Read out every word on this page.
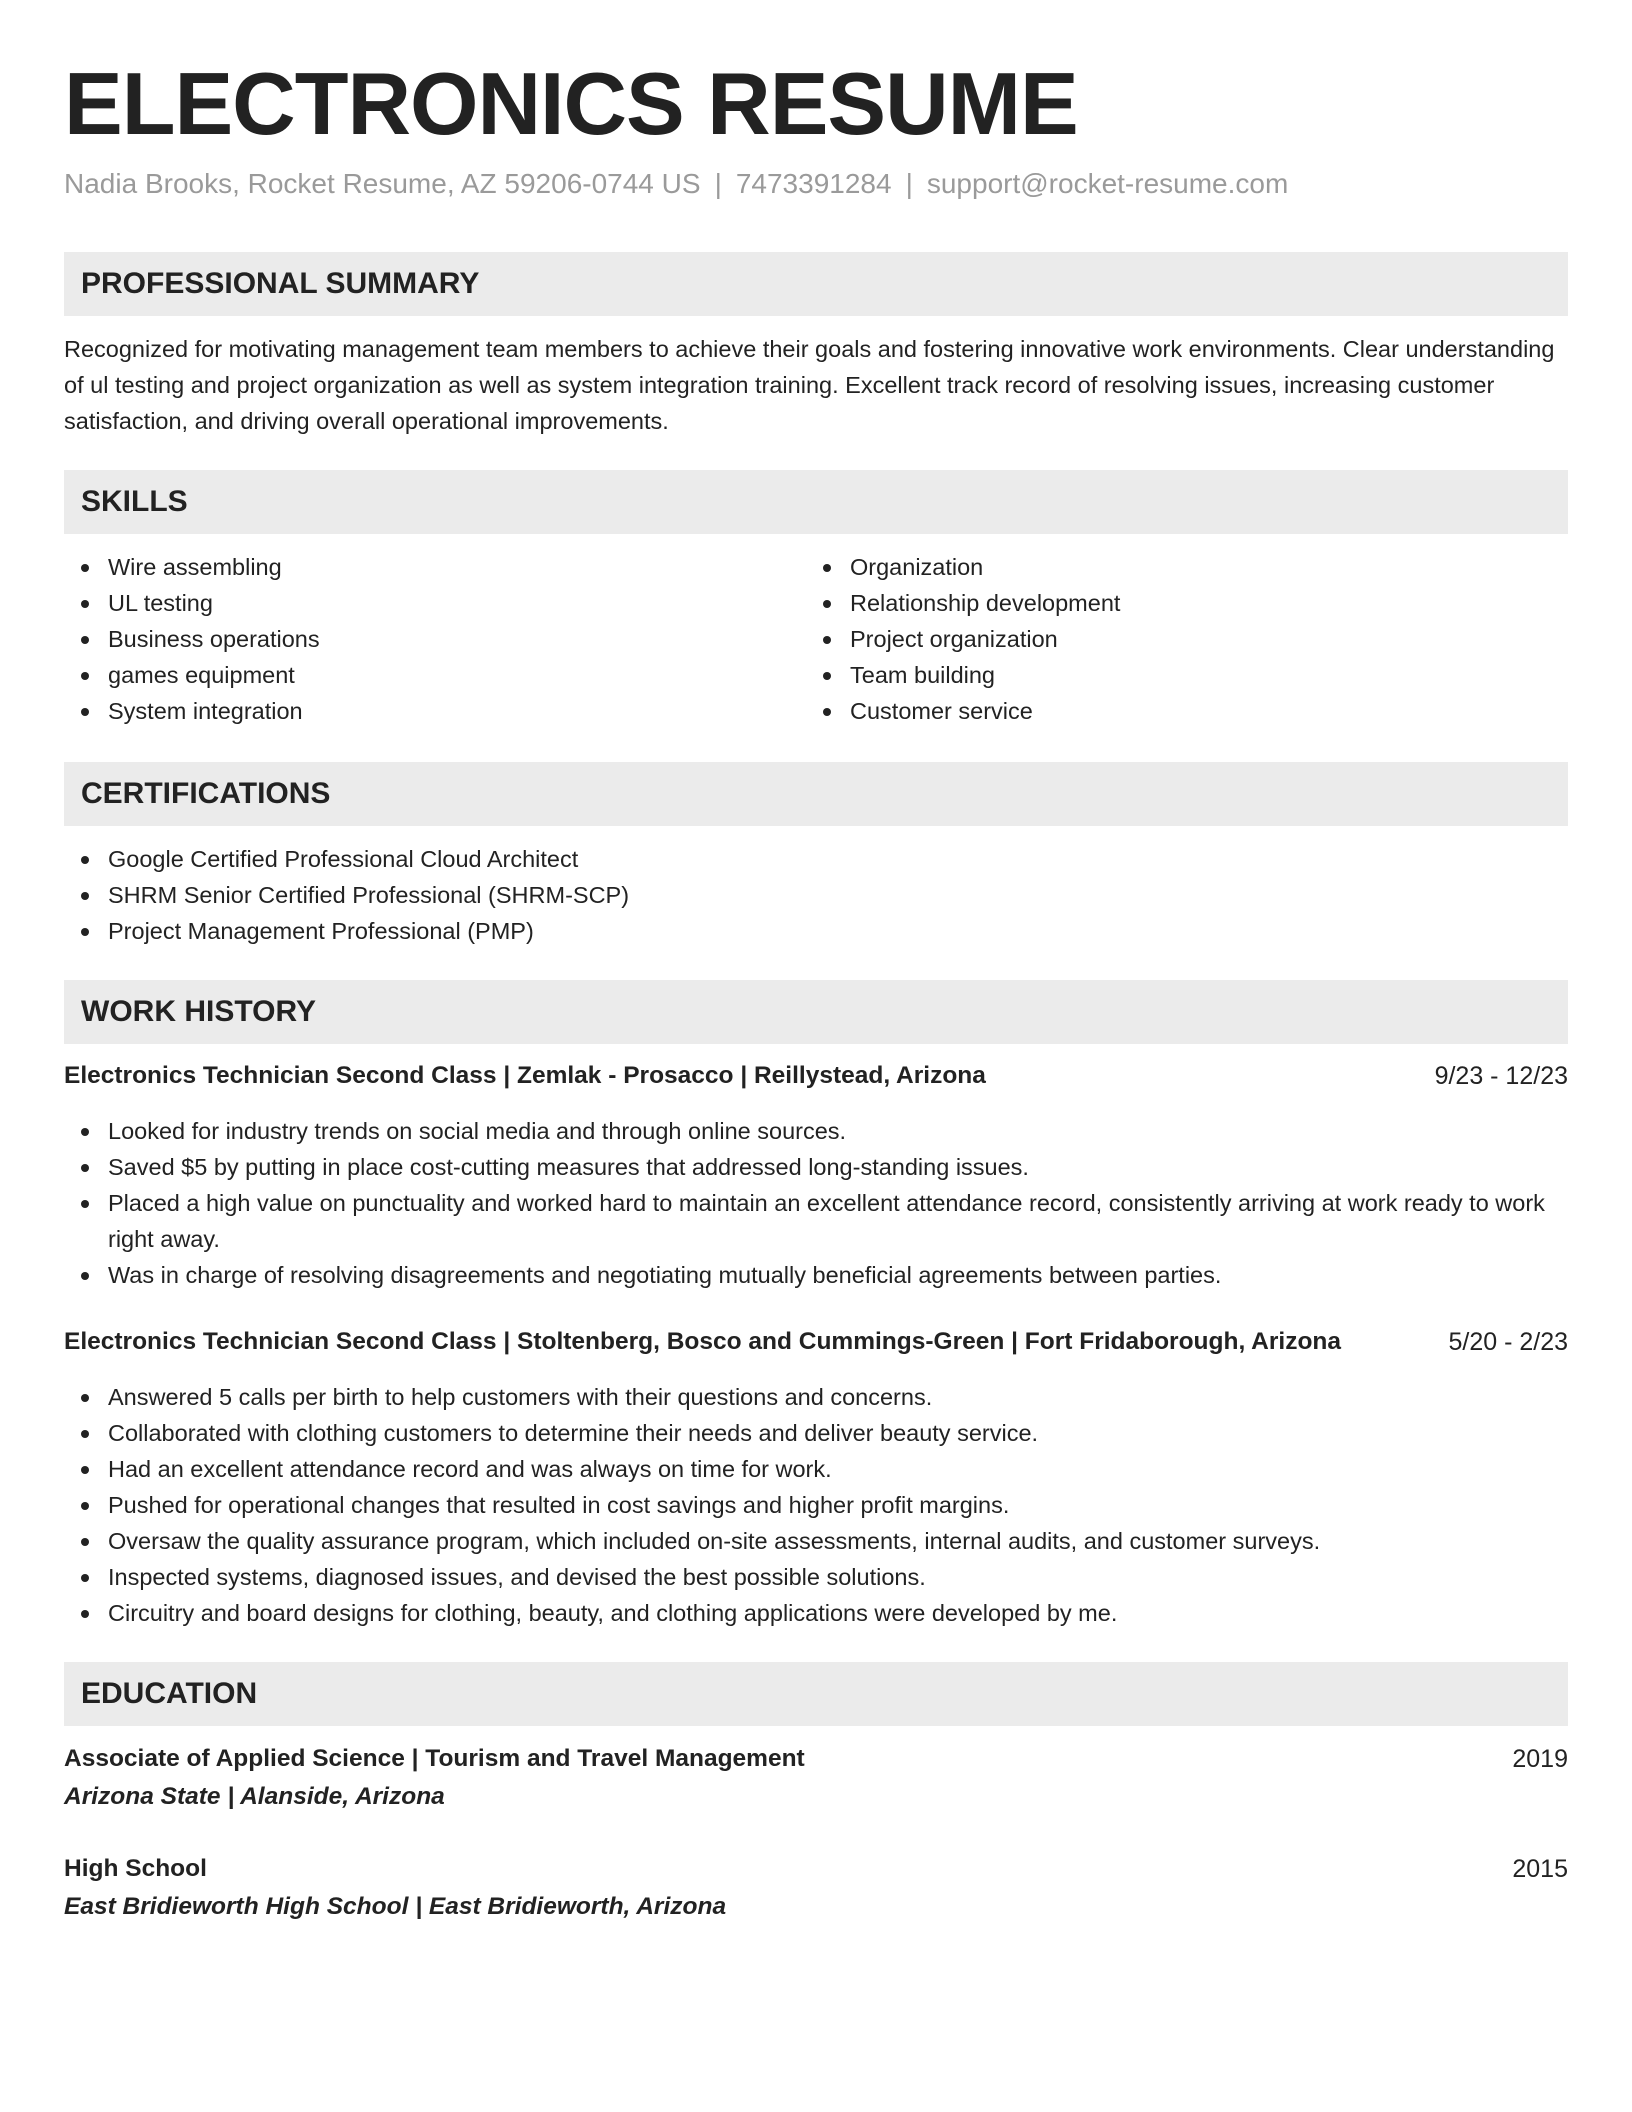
ELECTRONICS RESUME
Nadia Brooks, Rocket Resume, AZ 59206-0744 US | 7473391284 | support@rocket-resume.com
PROFESSIONAL SUMMARY
Recognized for motivating management team members to achieve their goals and fostering innovative work environments. Clear understanding of ul testing and project organization as well as system integration training. Excellent track record of resolving issues, increasing customer satisfaction, and driving overall operational improvements.
SKILLS
Wire assembling
UL testing
Business operations
games equipment
System integration
Organization
Relationship development
Project organization
Team building
Customer service
CERTIFICATIONS
Google Certified Professional Cloud Architect
SHRM Senior Certified Professional (SHRM-SCP)
Project Management Professional (PMP)
WORK HISTORY
Electronics Technician Second Class | Zemlak - Prosacco | Reillystead, Arizona	9/23 - 12/23
Looked for industry trends on social media and through online sources.
Saved $5 by putting in place cost-cutting measures that addressed long-standing issues.
Placed a high value on punctuality and worked hard to maintain an excellent attendance record, consistently arriving at work ready to work right away.
Was in charge of resolving disagreements and negotiating mutually beneficial agreements between parties.
Electronics Technician Second Class | Stoltenberg, Bosco and Cummings-Green | Fort Fridaborough, Arizona	5/20 - 2/23
Answered 5 calls per birth to help customers with their questions and concerns.
Collaborated with clothing customers to determine their needs and deliver beauty service.
Had an excellent attendance record and was always on time for work.
Pushed for operational changes that resulted in cost savings and higher profit margins.
Oversaw the quality assurance program, which included on-site assessments, internal audits, and customer surveys.
Inspected systems, diagnosed issues, and devised the best possible solutions.
Circuitry and board designs for clothing, beauty, and clothing applications were developed by me.
EDUCATION
Associate of Applied Science | Tourism and Travel Management	2019
Arizona State | Alanside, Arizona
High School	2015
East Bridieworth High School | East Bridieworth, Arizona
